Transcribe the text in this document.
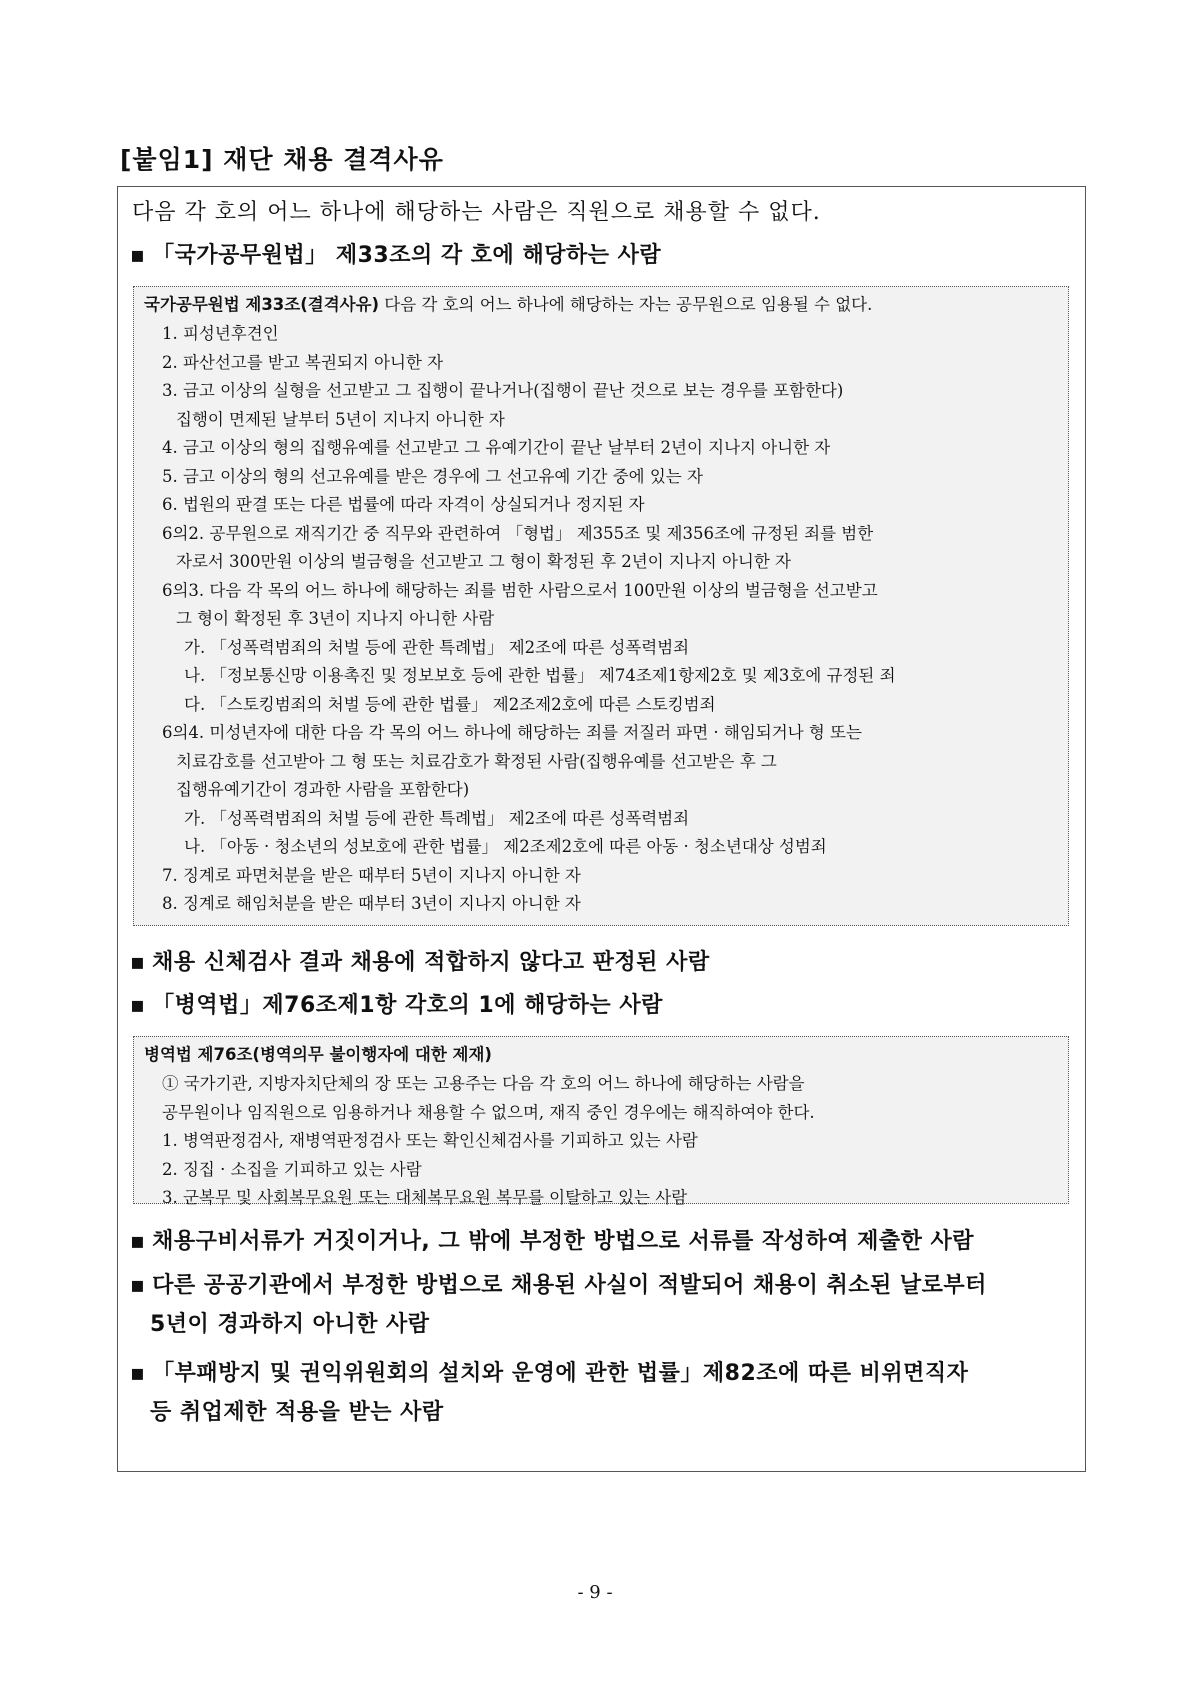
[붙임1] 재단 채용 결격사유
다음 각 호의 어느 하나에 해당하는 사람은 직원으로 채용할 수 없다.
▪ 「국가공무원법」 제33조의 각 호에 해당하는 사람
국가공무원법 제33조(결격사유) 다음 각 호의 어느 하나에 해당하는 자는 공무원으로 임용될 수 없다.
1. 피성년후견인
2. 파산선고를 받고 복권되지 아니한 자
3. 금고 이상의 실형을 선고받고 그 집행이 끝나거나(집행이 끝난 것으로 보는 경우를 포함한다)
집행이 면제된 날부터 5년이 지나지 아니한 자
4. 금고 이상의 형의 집행유예를 선고받고 그 유예기간이 끝난 날부터 2년이 지나지 아니한 자
5. 금고 이상의 형의 선고유예를 받은 경우에 그 선고유예 기간 중에 있는 자
6. 법원의 판결 또는 다른 법률에 따라 자격이 상실되거나 정지된 자
6의2. 공무원으로 재직기간 중 직무와 관련하여 「형법」 제355조 및 제356조에 규정된 죄를 범한
자로서 300만원 이상의 벌금형을 선고받고 그 형이 확정된 후 2년이 지나지 아니한 자
6의3. 다음 각 목의 어느 하나에 해당하는 죄를 범한 사람으로서 100만원 이상의 벌금형을 선고받고
그 형이 확정된 후 3년이 지나지 아니한 사람
가. 「성폭력범죄의 처벌 등에 관한 특례법」 제2조에 따른 성폭력범죄
나. 「정보통신망 이용촉진 및 정보보호 등에 관한 법률」 제74조제1항제2호 및 제3호에 규정된 죄
다. 「스토킹범죄의 처벌 등에 관한 법률」 제2조제2호에 따른 스토킹범죄
6의4. 미성년자에 대한 다음 각 목의 어느 하나에 해당하는 죄를 저질러 파면 · 해임되거나 형 또는
치료감호를 선고받아 그 형 또는 치료감호가 확정된 사람(집행유예를 선고받은 후 그
집행유예기간이 경과한 사람을 포함한다)
가. 「성폭력범죄의 처벌 등에 관한 특례법」 제2조에 따른 성폭력범죄
나. 「아동 · 청소년의 성보호에 관한 법률」 제2조제2호에 따른 아동 · 청소년대상 성범죄
7. 징계로 파면처분을 받은 때부터 5년이 지나지 아니한 자
8. 징계로 해임처분을 받은 때부터 3년이 지나지 아니한 자
▪ 채용 신체검사 결과 채용에 적합하지 않다고 판정된 사람
▪ 「병역법」제76조제1항 각호의 1에 해당하는 사람
병역법 제76조(병역의무 불이행자에 대한 제재)
① 국가기관, 지방자치단체의 장 또는 고용주는 다음 각 호의 어느 하나에 해당하는 사람을
공무원이나 임직원으로 임용하거나 채용할 수 없으며, 재직 중인 경우에는 해직하여야 한다.
1. 병역판정검사, 재병역판정검사 또는 확인신체검사를 기피하고 있는 사람
2. 징집 · 소집을 기피하고 있는 사람
3. 군복무 및 사회복무요원 또는 대체복무요원 복무를 이탈하고 있는 사람
▪ 채용구비서류가 거짓이거나, 그 밖에 부정한 방법으로 서류를 작성하여 제출한 사람
▪ 다른 공공기관에서 부정한 방법으로 채용된 사실이 적발되어 채용이 취소된 날로부터
5년이 경과하지 아니한 사람
▪ 「부패방지 및 권익위원회의 설치와 운영에 관한 법률」제82조에 따른 비위면직자
등 취업제한 적용을 받는 사람
- 9 -
